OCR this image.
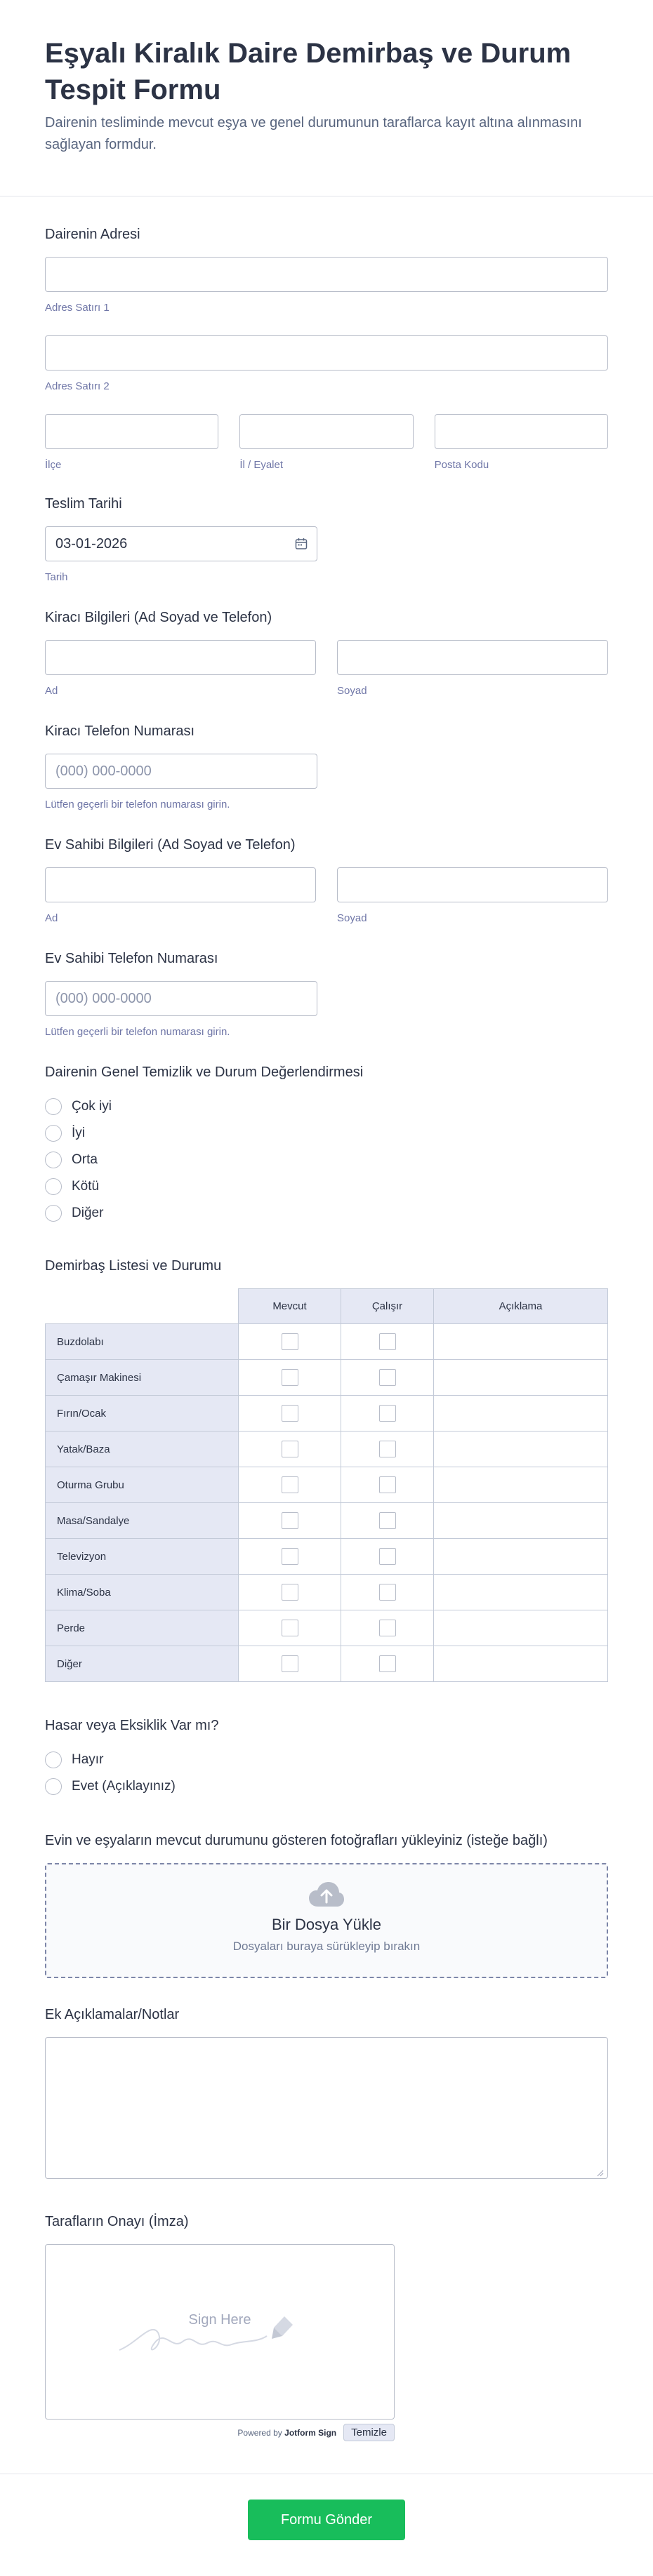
Eşyalı Kiralık Daire Demirbaş ve Durum Tespit Formu

Dairenin tesliminde mevcut eşya ve genel durumunun taraflarca kayıt altına alınmasını sağlayan formdur.

Dairenin Adresi
Adres Satırı 1
Adres Satırı 2
İlçe	İl / Eyalet	Posta Kodu
Teslim Tarihi
03-01-2026
Tarih
Kiracı Bilgileri (Ad Soyad ve Telefon)
Ad	Soyad
Kiracı Telefon Numarası
(000) 000-0000
Lütfen geçerli bir telefon numarası girin.
Ev Sahibi Bilgileri (Ad Soyad ve Telefon)
Ad	Soyad
Ev Sahibi Telefon Numarası
(000) 000-0000
Lütfen geçerli bir telefon numarası girin.
Dairenin Genel Temizlik ve Durum Değerlendirmesi
Çok iyi
İyi
Orta
Kötü
Diğer
Demirbaş Listesi ve Durumu
	Mevcut	Çalışır	Açıklama
Buzdolabı			
Çamaşır Makinesi			
Fırın/Ocak			
Yatak/Baza			
Oturma Grubu			
Masa/Sandalye			
Televizyon			
Klima/Soba			
Perde			
Diğer			
Hasar veya Eksiklik Var mı?
Hayır
Evet (Açıklayınız)
Evin ve eşyaların mevcut durumunu gösteren fotoğrafları yükleyiniz (isteğe bağlı)
Bir Dosya Yükle
Dosyaları buraya sürükleyip bırakın
Ek Açıklamalar/Notlar
Tarafların Onayı (İmza)
Sign Here
Powered by Jotform Sign	Temizle
Formu Gönder
